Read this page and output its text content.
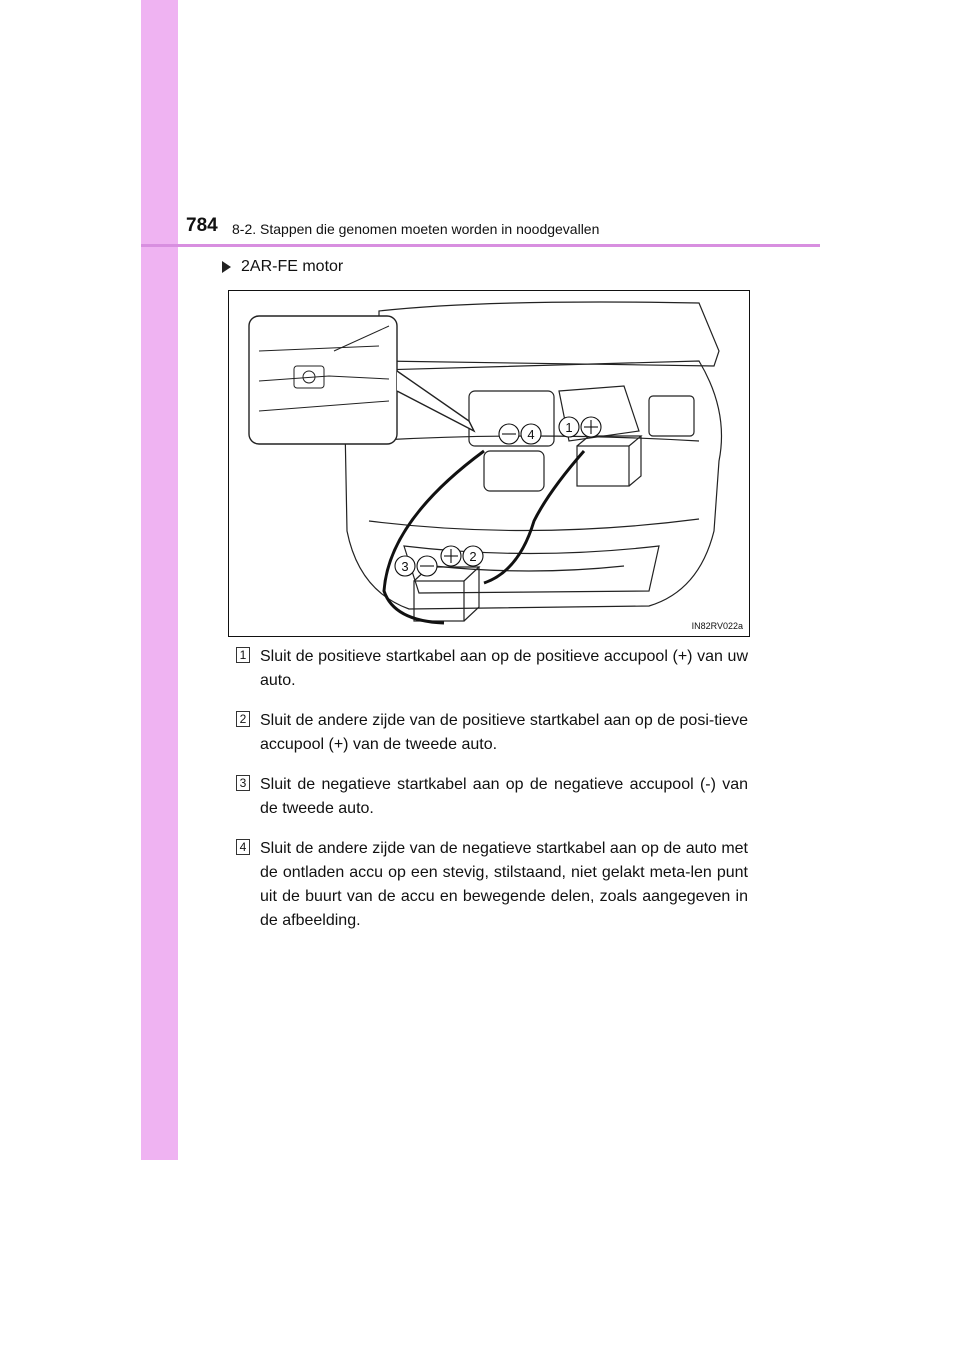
784 8-2. Stappen die genomen moeten worden in noodgevallen
2AR-FE motor
4 1
3
2
IN82RV022a
1 Sluit de positieve startkabel aan op de positieve accupool (+) van uw auto.
2 Sluit de andere zijde van de positieve startkabel aan op de posi-tieve accupool (+) van de tweede auto.
3 Sluit de negatieve startkabel aan op de negatieve accupool (-) van de tweede auto.
4 Sluit de andere zijde van de negatieve startkabel aan op de auto met de ontladen accu op een stevig, stilstaand, niet gelakt meta-len punt uit de buurt van de accu en bewegende delen, zoals aangegeven in de afbeelding.
